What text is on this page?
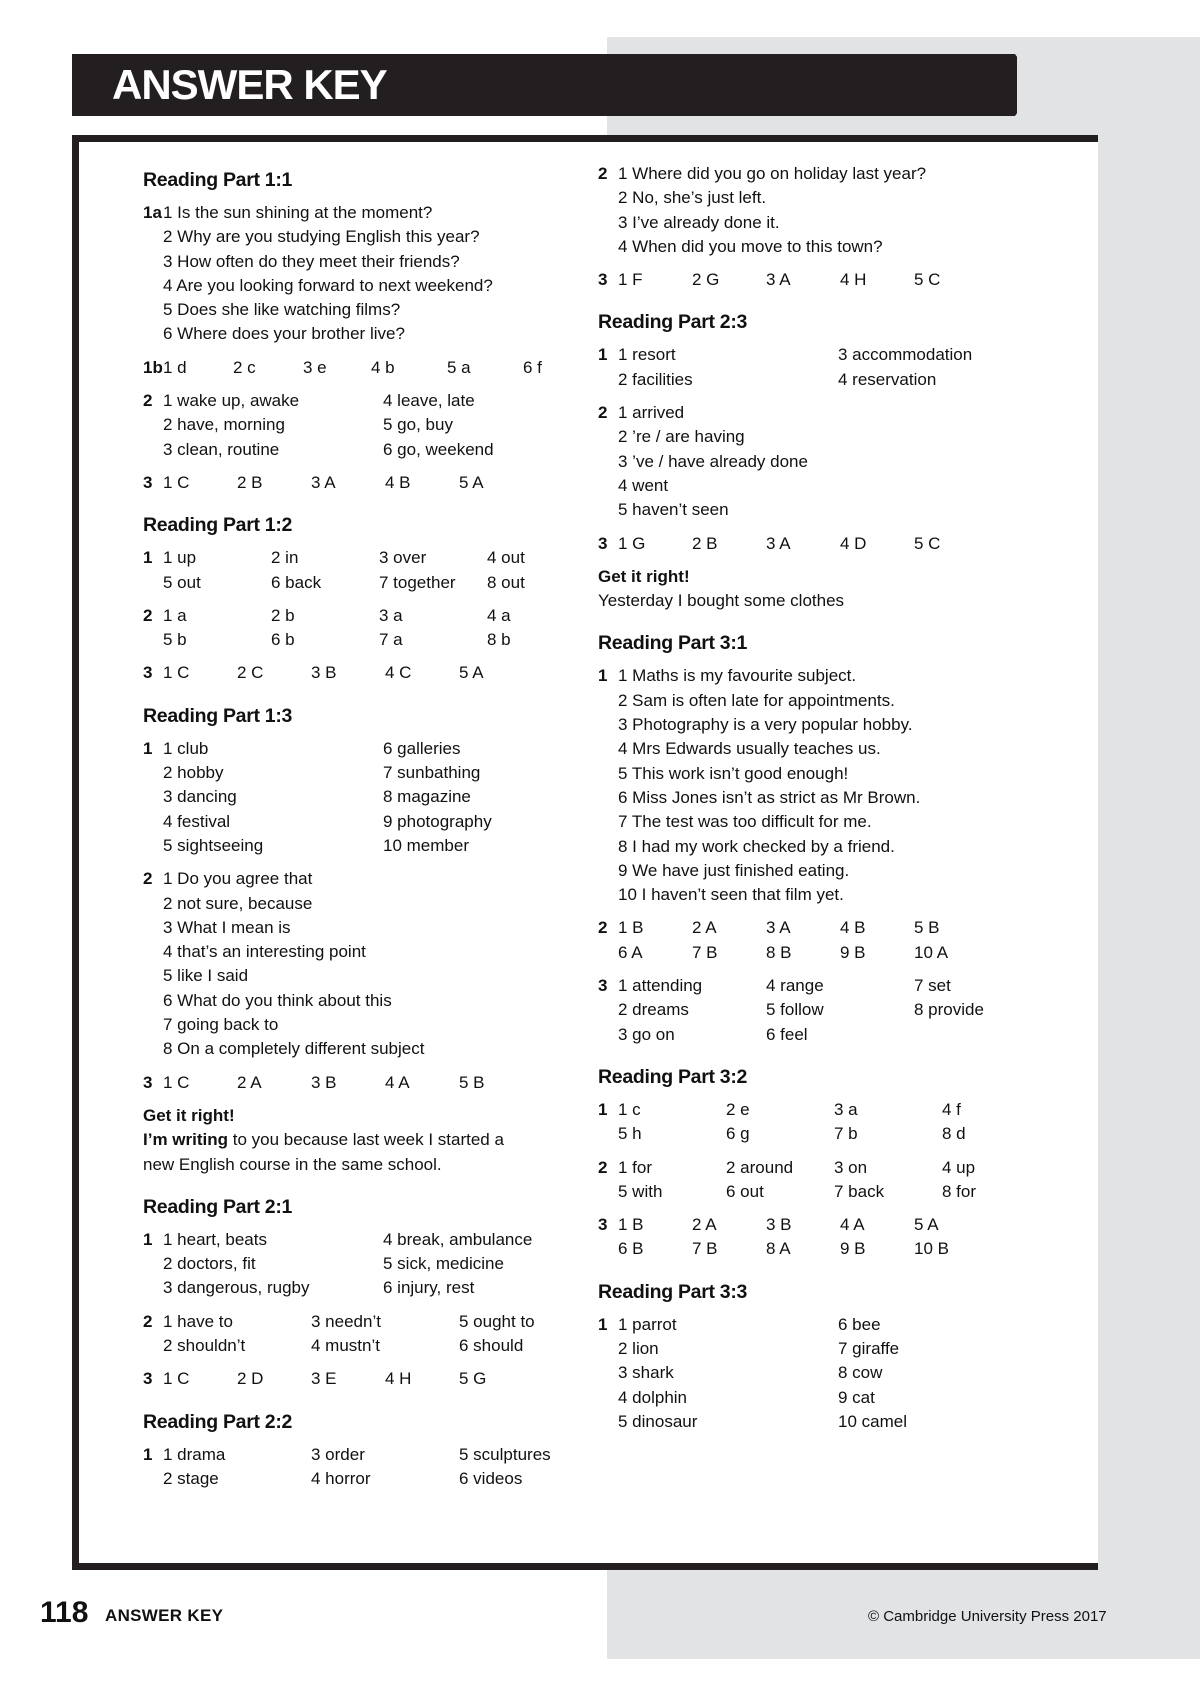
ANSWER KEY
Reading Part 1:1
1a 1 Is the sun shining at the moment?
2 Why are you studying English this year?
3 How often do they meet their friends?
4 Are you looking forward to next weekend?
5 Does she like watching films?
6 Where does your brother live?
1b 1 d	2 c	3 e	4 b	5 a	6 f
2 1 wake up, awake	4 leave, late
2 have, morning	5 go, buy
3 clean, routine	6 go, weekend
3 1 C	2 B	3 A	4 B	5 A
Reading Part 1:2
1 1 up	2 in	3 over	4 out
5 out	6 back	7 together	8 out
2 1 a	2 b	3 a	4 a
5 b	6 b	7 a	8 b
3 1 C	2 C	3 B	4 C	5 A
Reading Part 1:3
1 1 club	6 galleries
2 hobby	7 sunbathing
3 dancing	8 magazine
4 festival	9 photography
5 sightseeing	10 member
2 1 Do you agree that
2 not sure, because
3 What I mean is
4 that’s an interesting point
5 like I said
6 What do you think about this
7 going back to
8 On a completely different subject
3 1 C	2 A	3 B	4 A	5 B
Get it right!
I’m writing to you because last week I started a
new English course in the same school.
Reading Part 2:1
1 1 heart, beats	4 break, ambulance
2 doctors, fit	5 sick, medicine
3 dangerous, rugby	6 injury, rest
2 1 have to	3 needn’t	5 ought to
2 shouldn’t	4 mustn’t	6 should
3 1 C	2 D	3 E	4 H	5 G
Reading Part 2:2
1 1 drama	3 order	5 sculptures
2 stage	4 horror	6 videos
2 1 Where did you go on holiday last year?
2 No, she’s just left.
3 I’ve already done it.
4 When did you move to this town?
3 1 F	2 G	3 A	4 H	5 C
Reading Part 2:3
1 1 resort	3 accommodation
2 facilities	4 reservation
2 1 arrived
2 ’re / are having
3 ’ve / have already done
4 went
5 haven’t seen
3 1 G	2 B	3 A	4 D	5 C
Get it right!
Yesterday I bought some clothes
Reading Part 3:1
1 1 Maths is my favourite subject.
2 Sam is often late for appointments.
3 Photography is a very popular hobby.
4 Mrs Edwards usually teaches us.
5 This work isn’t good enough!
6 Miss Jones isn’t as strict as Mr Brown.
7 The test was too difficult for me.
8 I had my work checked by a friend.
9 We have just finished eating.
10 I haven’t seen that film yet.
2 1 B	2 A	3 A	4 B	5 B
6 A	7 B	8 B	9 B	10 A
3 1 attending	4 range	7 set
2 dreams	5 follow	8 provide
3 go on	6 feel
Reading Part 3:2
1 1 c	2 e	3 a	4 f
5 h	6 g	7 b	8 d
2 1 for	2 around	3 on	4 up
5 with	6 out	7 back	8 for
3 1 B	2 A	3 B	4 A	5 A
6 B	7 B	8 A	9 B	10 B
Reading Part 3:3
1 1 parrot	6 bee
2 lion	7 giraffe
3 shark	8 cow
4 dolphin	9 cat
5 dinosaur	10 camel
118 ANSWER KEY	© Cambridge University Press 2017
